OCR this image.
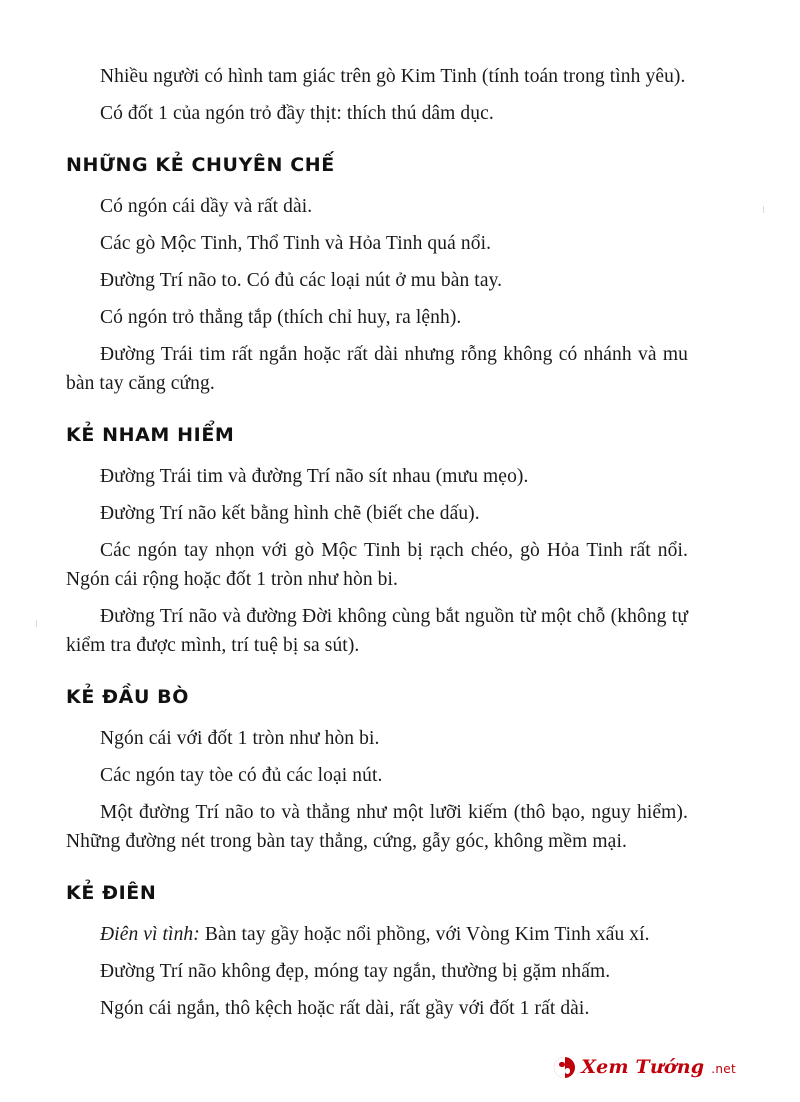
Nhiều người có hình tam giác trên gò Kim Tinh (tính toán trong tình yêu).

Có đốt 1 của ngón trỏ đầy thịt: thích thú dâm dục.

NHỮNG KẺ CHUYÊN CHẾ

Có ngón cái dầy và rất dài.

Các gò Mộc Tinh, Thổ Tinh và Hỏa Tinh quá nổi.

Đường Trí não to. Có đủ các loại nút ở mu bàn tay.

Có ngón trỏ thẳng tắp (thích chỉ huy, ra lệnh).

Đường Trái tim rất ngắn hoặc rất dài nhưng rỗng không có nhánh và mu bàn tay căng cứng.

KẺ NHAM HIỂM

Đường Trái tim và đường Trí não sít nhau (mưu mẹo).

Đường Trí não kết bằng hình chẽ (biết che dấu).

Các ngón tay nhọn với gò Mộc Tinh bị rạch chéo, gò Hỏa Tinh rất nổi. Ngón cái rộng hoặc đốt 1 tròn như hòn bi.

Đường Trí não và đường Đời không cùng bắt nguồn từ một chỗ (không tự kiểm tra được mình, trí tuệ bị sa sút).

KẺ ĐẦU BÒ

Ngón cái với đốt 1 tròn như hòn bi.

Các ngón tay tòe có đủ các loại nút.

Một đường Trí não to và thẳng như một lưỡi kiếm (thô bạo, nguy hiểm). Những đường nét trong bàn tay thẳng, cứng, gẫy góc, không mềm mại.

KẺ ĐIÊN

Điên vì tình: Bàn tay gầy hoặc nổi phồng, với Vòng Kim Tinh xấu xí.

Đường Trí não không đẹp, móng tay ngắn, thường bị gặm nhấm.

Ngón cái ngắn, thô kệch hoặc rất dài, rất gầy với đốt 1 rất dài.

Xem Tướng .net
